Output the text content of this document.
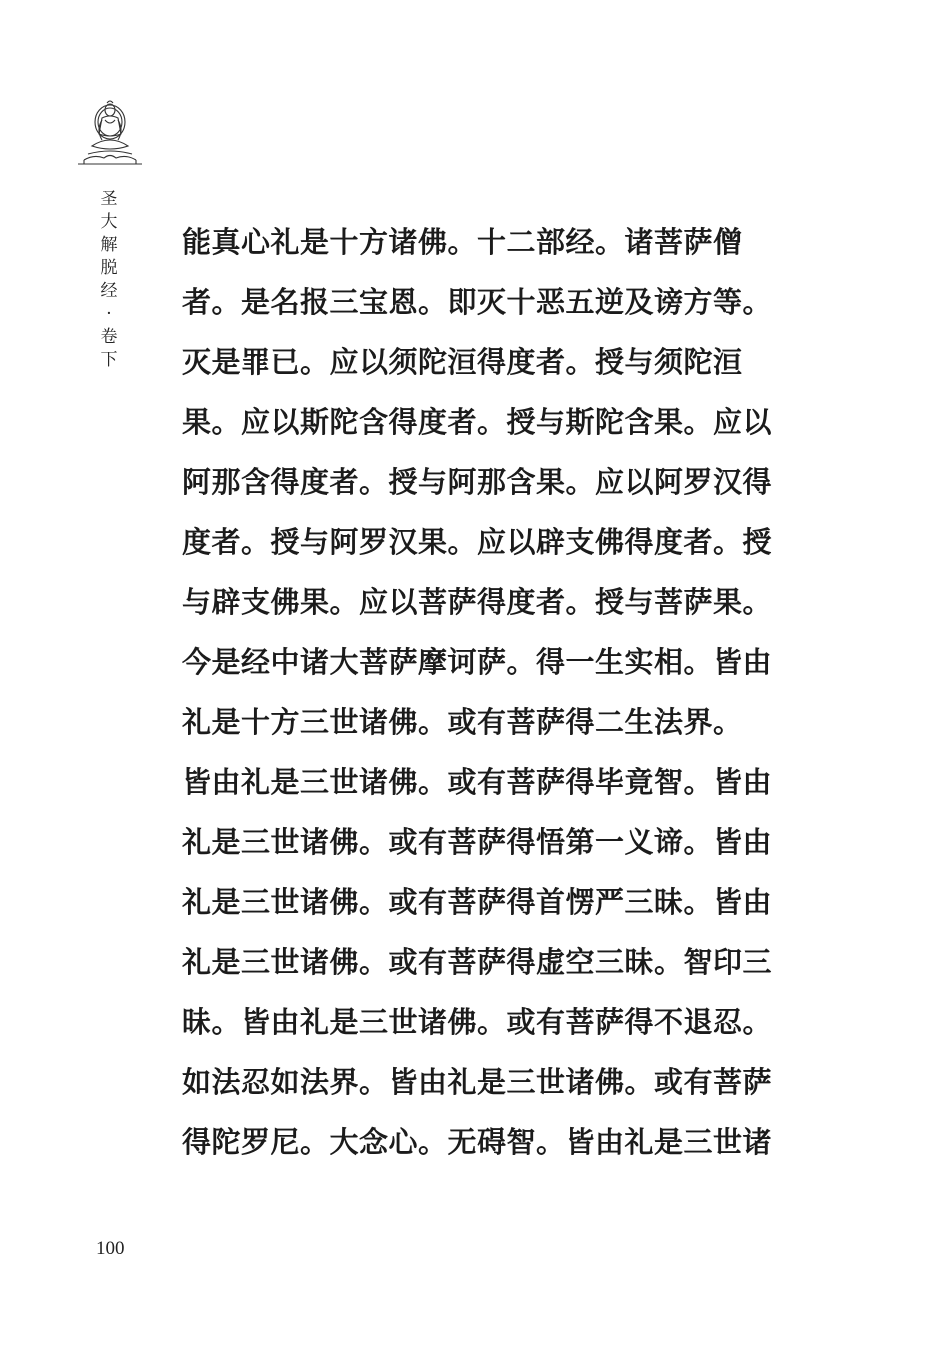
圣
大
解
脱
经
·
卷
下
能真心礼是十方诸佛。十二部经。诸菩萨僧
者。是名报三宝恩。即灭十恶五逆及谤方等。
灭是罪已。应以须陀洹得度者。授与须陀洹
果。应以斯陀含得度者。授与斯陀含果。应以
阿那含得度者。授与阿那含果。应以阿罗汉得
度者。授与阿罗汉果。应以辟支佛得度者。授
与辟支佛果。应以菩萨得度者。授与菩萨果。
今是经中诸大菩萨摩诃萨。得一生实相。皆由
礼是十方三世诸佛。或有菩萨得二生法界。
皆由礼是三世诸佛。或有菩萨得毕竟智。皆由
礼是三世诸佛。或有菩萨得悟第一义谛。皆由
礼是三世诸佛。或有菩萨得首愣严三昧。皆由
礼是三世诸佛。或有菩萨得虚空三昧。智印三
昧。皆由礼是三世诸佛。或有菩萨得不退忍。
如法忍如法界。皆由礼是三世诸佛。或有菩萨
得陀罗尼。大念心。无碍智。皆由礼是三世诸
100
